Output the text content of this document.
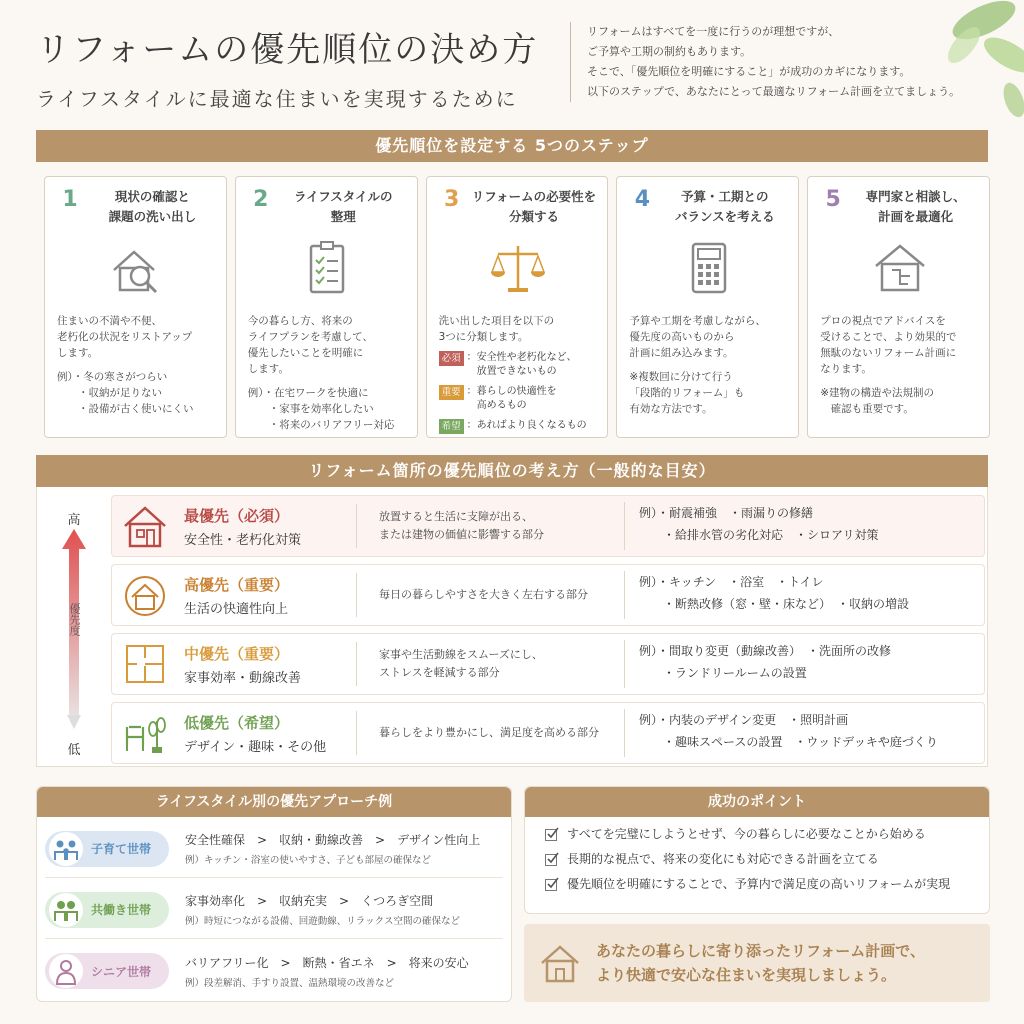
リフォームの優先順位の決め方
ライフスタイルに最適な住まいを実現するために

リフォームはすべてを一度に行うのが理想ですが、

ご予算や工期の制約もあります。

そこで、「優先順位を明確にすること」が成功のカギになります。

以下のステップで、あなたにとって最適なリフォーム計画を立てましょう。

優先順位を設定する 5つのステップ
1	現状の確認と
課題の洗い出し
住まいの不満や不便、
老朽化の状況をリストアップ
します。
例）・冬の寒さがつらい
　　・収納が足りない
　　・設備が古く使いにくい
2	ライフスタイルの
整理
今の暮らし方、将来の
ライフプランを考慮して、
優先したいことを明確に
します。
例）・在宅ワークを快適に
　　・家事を効率化したい
　　・将来のバリアフリー対応
3	リフォームの必要性を
分類する
洗い出した項目を以下の
3つに分類します。
必須 ：安全性や老朽化など、
　放置できないもの
重要 ：暮らしの快適性を
　高めるもの
希望 ：あればより良くなるもの
4	予算・工期との
バランスを考える
予算や工期を考慮しながら、
優先度の高いものから
計画に組み込みます。
※複数回に分けて行う
「段階的リフォーム」も
有効な方法です。
5	専門家と相談し、
計画を最適化
プロの視点でアドバイスを
受けることで、より効果的で
無駄のないリフォーム計画に
なります。
※建物の構造や法規制の
　確認も重要です。
リフォーム箇所の優先順位の考え方（一般的な目安）
高
優先度
低
最優先（必須）
安全性・老朽化対策
放置すると生活に支障が出る、
または建物の価値に影響する部分
例）・耐震補強　・雨漏りの修繕
　　・給排水管の劣化対応　・シロアリ対策
高優先（重要）
生活の快適性向上
毎日の暮らしやすさを大きく左右する部分
例）・キッチン　・浴室　・トイレ
　　・断熱改修（窓・壁・床など）　・収納の増設
中優先（重要）
家事効率・動線改善
家事や生活動線をスムーズにし、
ストレスを軽減する部分
例）・間取り変更（動線改善）　・洗面所の改修
　　・ランドリールームの設置
低優先（希望）
デザイン・趣味・その他
暮らしをより豊かにし、満足度を高める部分
例）・内装のデザイン変更　・照明計画
　　・趣味スペースの設置　・ウッドデッキや庭づくり
ライフスタイル別の優先アプローチ例
子育て世帯
安全性確保　>　収納・動線改善　>　デザイン性向上
例）キッチン・浴室の使いやすさ、子ども部屋の確保など
共働き世帯
家事効率化　>　収納充実　>　くつろぎ空間
例）時短につながる設備、回遊動線、リラックス空間の確保など
シニア世帯
バリアフリー化　>　断熱・省エネ　>　将来の安心
例）段差解消、手すり設置、温熱環境の改善など
成功のポイント
すべてを完璧にしようとせず、今の暮らしに必要なことから始める
長期的な視点で、将来の変化にも対応できる計画を立てる
優先順位を明確にすることで、予算内で満足度の高いリフォームが実現
あなたの暮らしに寄り添ったリフォーム計画で、
より快適で安心な住まいを実現しましょう。
